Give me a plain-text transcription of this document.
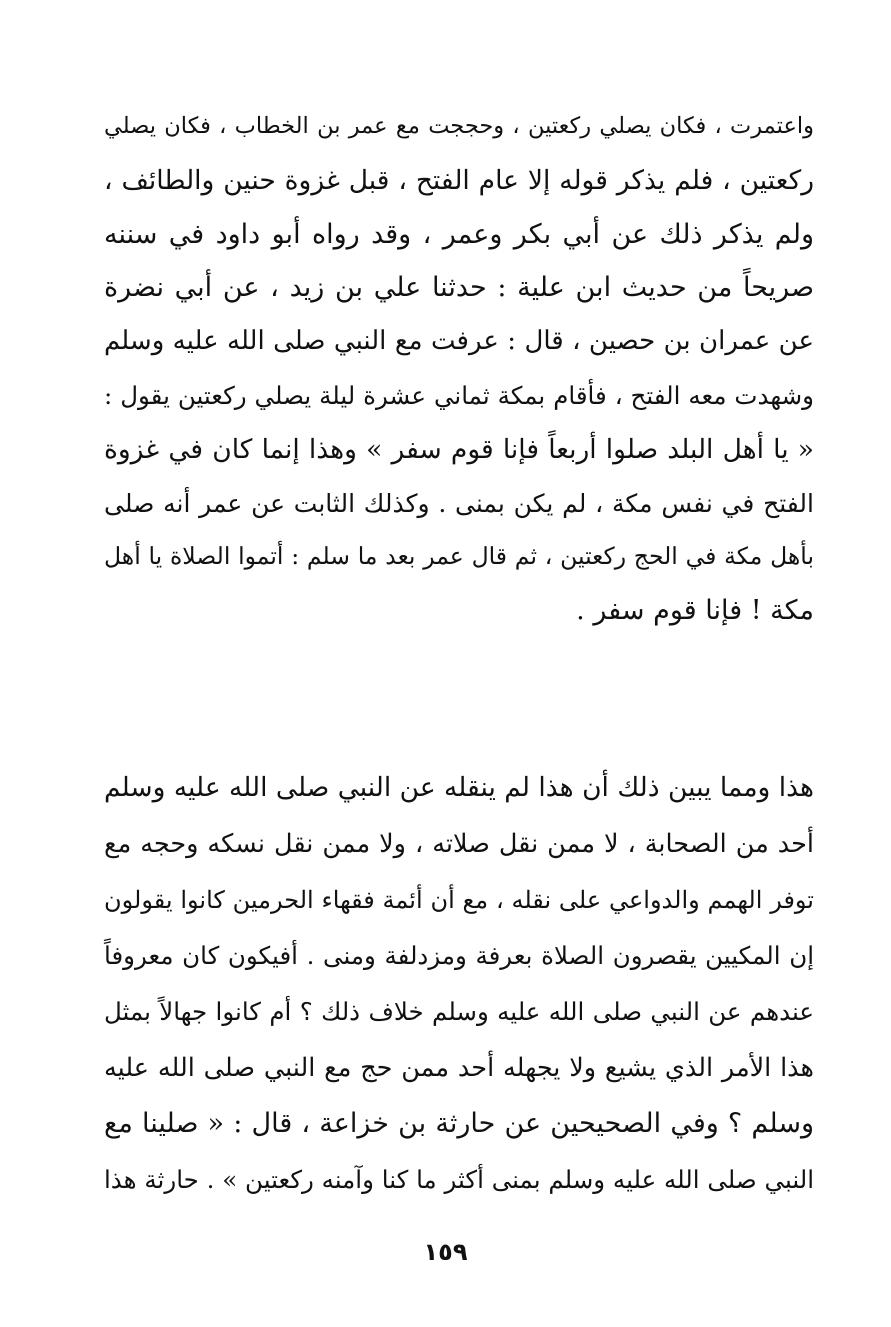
واعتمرت ، فكان يصلي ركعتين ، وحججت مع عمر بن الخطاب ، فكان يصلي
ركعتين ، فلم يذكر قوله إلا عام الفتح ، قبل غزوة حنين والطائف ،
ولم يذكر ذلك عن أبي بكر وعمر ، وقد رواه أبو داود في سننه
صريحاً من حديث ابن علية : حدثنا علي بن زيد ، عن أبي نضرة
عن عمران بن حصين ، قال : عرفت مع النبي صلى الله عليه وسلم
وشهدت معه الفتح ، فأقام بمكة ثماني عشرة ليلة يصلي ركعتين يقول :
« يا أهل البلد صلوا أربعاً فإنا قوم سفر » وهذا إنما كان في غزوة
الفتح في نفس مكة ، لم يكن بمنى . وكذلك الثابت عن عمر أنه صلى
بأهل مكة في الحج ركعتين ، ثم قال عمر بعد ما سلم : أتموا الصلاة يا أهل
مكة ! فإنا قوم سفر .
هذا ومما يبين ذلك أن هذا لم ينقله عن النبي صلى الله عليه وسلم
أحد من الصحابة ، لا ممن نقل صلاته ، ولا ممن نقل نسكه وحجه مع
توفر الهمم والدواعي على نقله ، مع أن أئمة فقهاء الحرمين كانوا يقولون
إن المكيين يقصرون الصلاة بعرفة ومزدلفة ومنى . أفيكون كان معروفاً
عندهم عن النبي صلى الله عليه وسلم خلاف ذلك ؟ أم كانوا جهالاً بمثل
هذا الأمر الذي يشيع ولا يجهله أحد ممن حج مع النبي صلى الله عليه
وسلم ؟ وفي الصحيحين عن حارثة بن خزاعة ، قال : « صلينا مع
النبي صلى الله عليه وسلم بمنى أكثر ما كنا وآمنه ركعتين » . حارثة هذا
١٥٩
